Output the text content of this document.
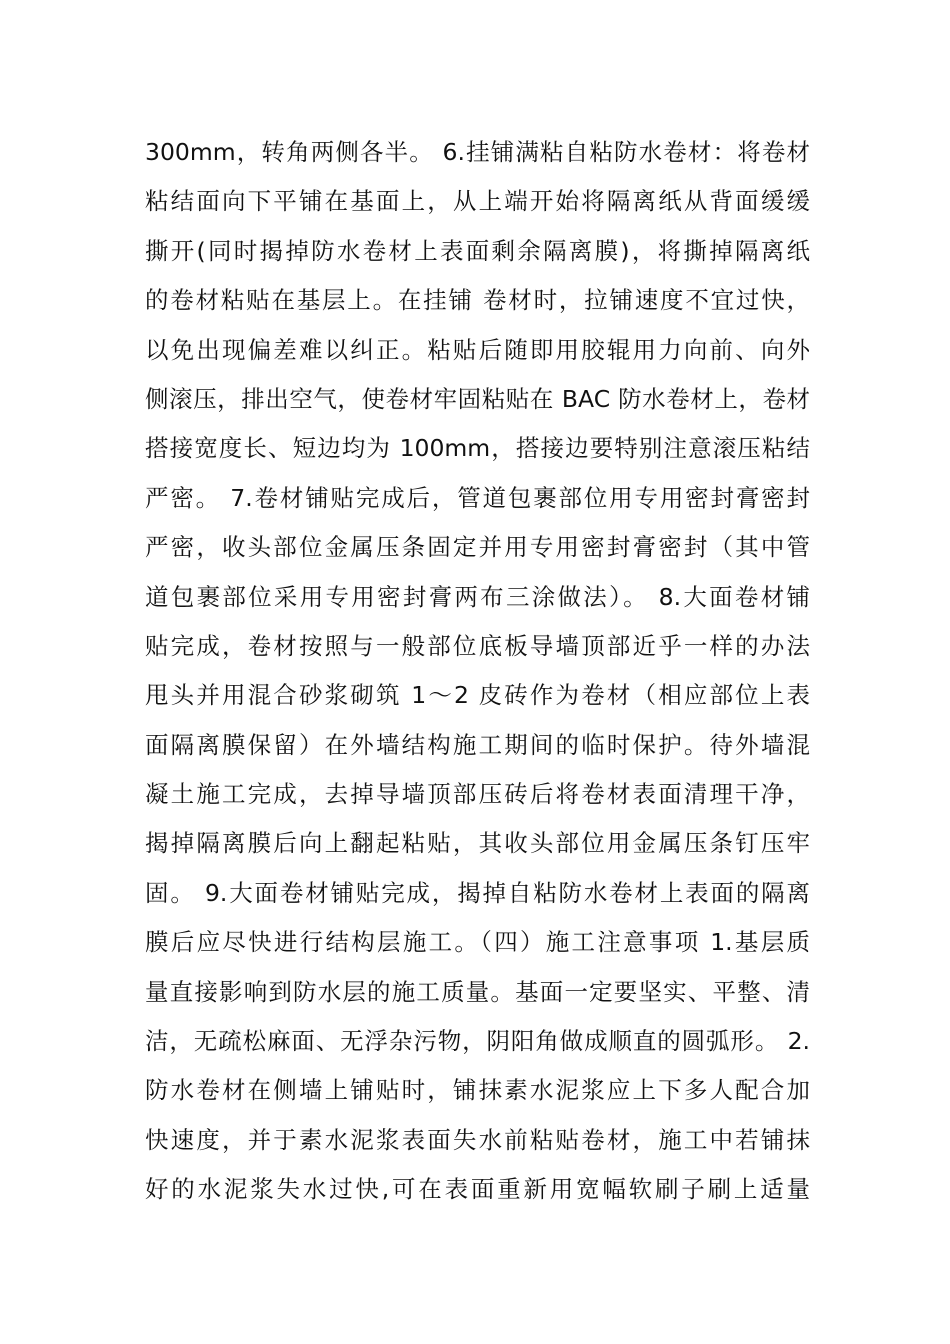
300mm，转角两侧各半。 6.挂铺满粘自粘防水卷材：将卷材
粘结面向下平铺在基面上，从上端开始将隔离纸从背面缓缓
撕开(同时揭掉防水卷材上表面剩余隔离膜)，将撕掉隔离纸
的卷材粘贴在基层上。在挂铺 卷材时，拉铺速度不宜过快，
以免出现偏差难以纠正。粘贴后随即用胶辊用力向前、向外
侧滚压，排出空气，使卷材牢固粘贴在 BAC 防水卷材上，卷材
搭接宽度长、短边均为 100mm，搭接边要特别注意滚压粘结
严密。 7.卷材铺贴完成后，管道包裹部位用专用密封膏密封
严密，收头部位金属压条固定并用专用密封膏密封（其中管
道包裹部位采用专用密封膏两布三涂做法）。 8.大面卷材铺
贴完成，卷材按照与一般部位底板导墙顶部近乎一样的办法
甩头并用混合砂浆砌筑 1～2 皮砖作为卷材（相应部位上表
面隔离膜保留）在外墙结构施工期间的临时保护。待外墙混
凝土施工完成，去掉导墙顶部压砖后将卷材表面清理干净，
揭掉隔离膜后向上翻起粘贴，其收头部位用金属压条钉压牢
固。 9.大面卷材铺贴完成，揭掉自粘防水卷材上表面的隔离
膜后应尽快进行结构层施工。（四）施工注意事项 1.基层质
量直接影响到防水层的施工质量。基面一定要坚实、平整、清
洁，无疏松麻面、无浮杂污物，阴阳角做成顺直的圆弧形。 2.
防水卷材在侧墙上铺贴时，铺抹素水泥浆应上下多人配合加
快速度，并于素水泥浆表面失水前粘贴卷材，施工中若铺抹
好的水泥浆失水过快,可在表面重新用宽幅软刷子刷上适量
